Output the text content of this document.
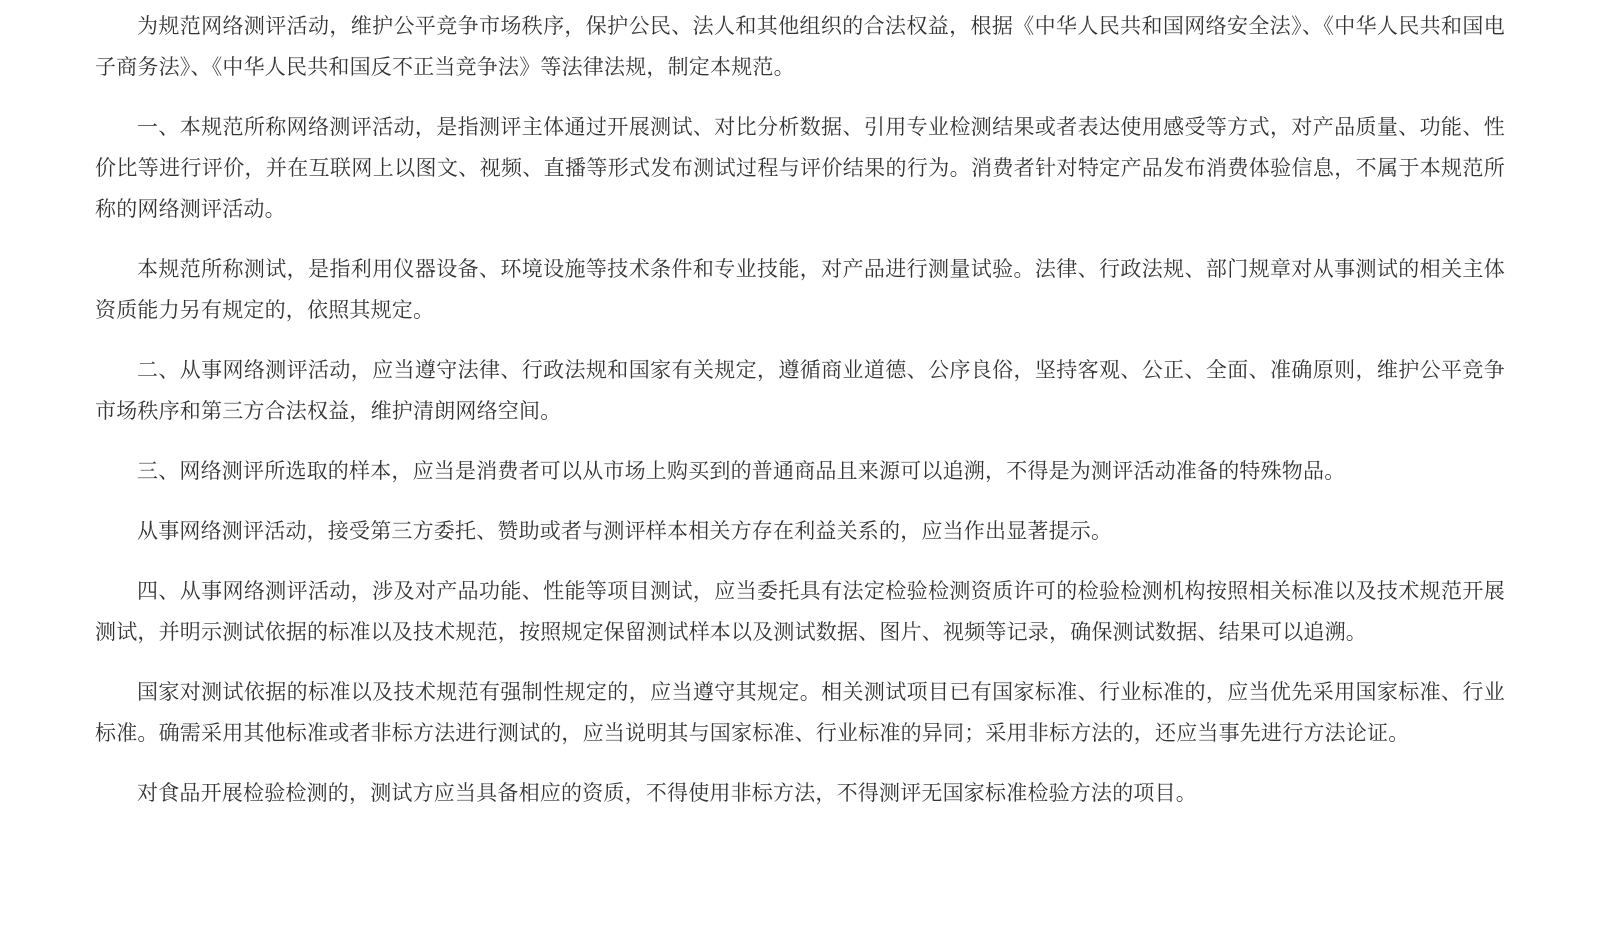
为规范网络测评活动，维护公平竞争市场秩序，保护公民、法人和其他组织的合法权益，根据《中华人民共和国网络安全法》、《中华人民共和国电子商务法》、《中华人民共和国反不正当竞争法》等法律法规，制定本规范。

一、本规范所称网络测评活动，是指测评主体通过开展测试、对比分析数据、引用专业检测结果或者表达使用感受等方式，对产品质量、功能、性价比等进行评价，并在互联网上以图文、视频、直播等形式发布测试过程与评价结果的行为。消费者针对特定产品发布消费体验信息，不属于本规范所称的网络测评活动。

本规范所称测试，是指利用仪器设备、环境设施等技术条件和专业技能，对产品进行测量试验。法律、行政法规、部门规章对从事测试的相关主体资质能力另有规定的，依照其规定。

二、从事网络测评活动，应当遵守法律、行政法规和国家有关规定，遵循商业道德、公序良俗，坚持客观、公正、全面、准确原则，维护公平竞争市场秩序和第三方合法权益，维护清朗网络空间。

三、网络测评所选取的样本，应当是消费者可以从市场上购买到的普通商品且来源可以追溯，不得是为测评活动准备的特殊物品。

从事网络测评活动，接受第三方委托、赞助或者与测评样本相关方存在利益关系的，应当作出显著提示。

四、从事网络测评活动，涉及对产品功能、性能等项目测试，应当委托具有法定检验检测资质许可的检验检测机构按照相关标准以及技术规范开展测试，并明示测试依据的标准以及技术规范，按照规定保留测试样本以及测试数据、图片、视频等记录，确保测试数据、结果可以追溯。

国家对测试依据的标准以及技术规范有强制性规定的，应当遵守其规定。相关测试项目已有国家标准、行业标准的，应当优先采用国家标准、行业标准。确需采用其他标准或者非标方法进行测试的，应当说明其与国家标准、行业标准的异同；采用非标方法的，还应当事先进行方法论证。

对食品开展检验检测的，测试方应当具备相应的资质，不得使用非标方法，不得测评无国家标准检验方法的项目。
